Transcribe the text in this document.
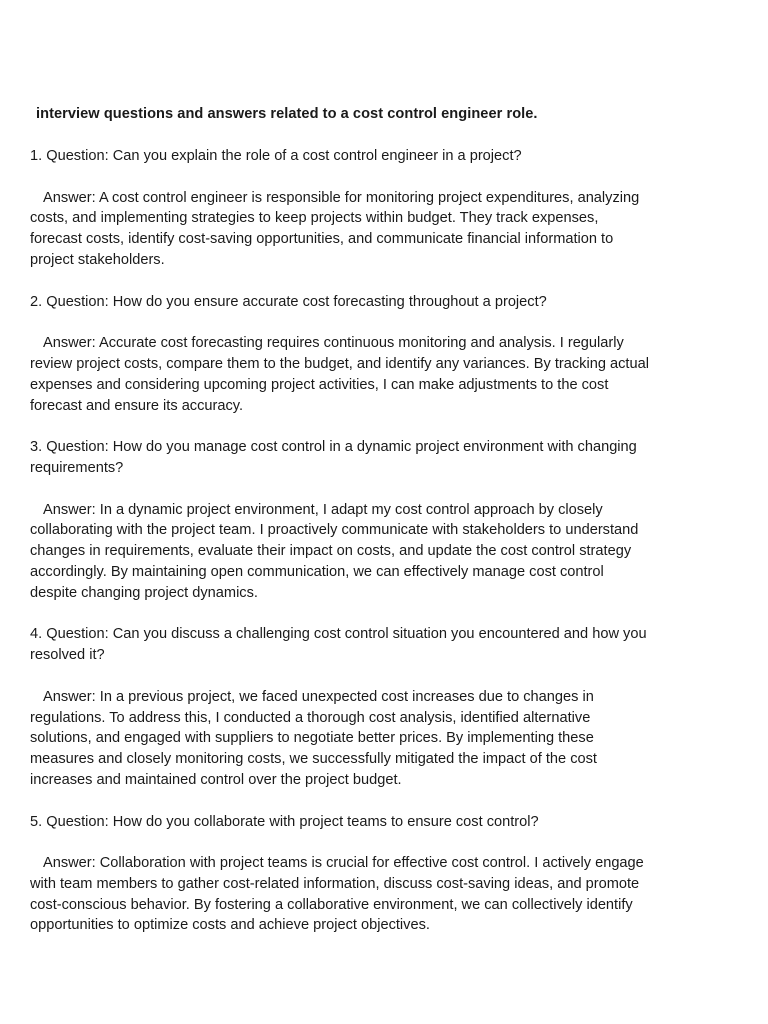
interview questions and answers related to a cost control engineer role.

1. Question: Can you explain the role of a cost control engineer in a project?

Answer: A cost control engineer is responsible for monitoring project expenditures, analyzing
costs, and implementing strategies to keep projects within budget. They track expenses,
forecast costs, identify cost-saving opportunities, and communicate financial information to
project stakeholders.

2. Question: How do you ensure accurate cost forecasting throughout a project?

Answer: Accurate cost forecasting requires continuous monitoring and analysis. I regularly
review project costs, compare them to the budget, and identify any variances. By tracking actual
expenses and considering upcoming project activities, I can make adjustments to the cost
forecast and ensure its accuracy.

3. Question: How do you manage cost control in a dynamic project environment with changing
requirements?

Answer: In a dynamic project environment, I adapt my cost control approach by closely
collaborating with the project team. I proactively communicate with stakeholders to understand
changes in requirements, evaluate their impact on costs, and update the cost control strategy
accordingly. By maintaining open communication, we can effectively manage cost control
despite changing project dynamics.

4. Question: Can you discuss a challenging cost control situation you encountered and how you
resolved it?

Answer: In a previous project, we faced unexpected cost increases due to changes in
regulations. To address this, I conducted a thorough cost analysis, identified alternative
solutions, and engaged with suppliers to negotiate better prices. By implementing these
measures and closely monitoring costs, we successfully mitigated the impact of the cost
increases and maintained control over the project budget.

5. Question: How do you collaborate with project teams to ensure cost control?

Answer: Collaboration with project teams is crucial for effective cost control. I actively engage
with team members to gather cost-related information, discuss cost-saving ideas, and promote
cost-conscious behavior. By fostering a collaborative environment, we can collectively identify
opportunities to optimize costs and achieve project objectives.
